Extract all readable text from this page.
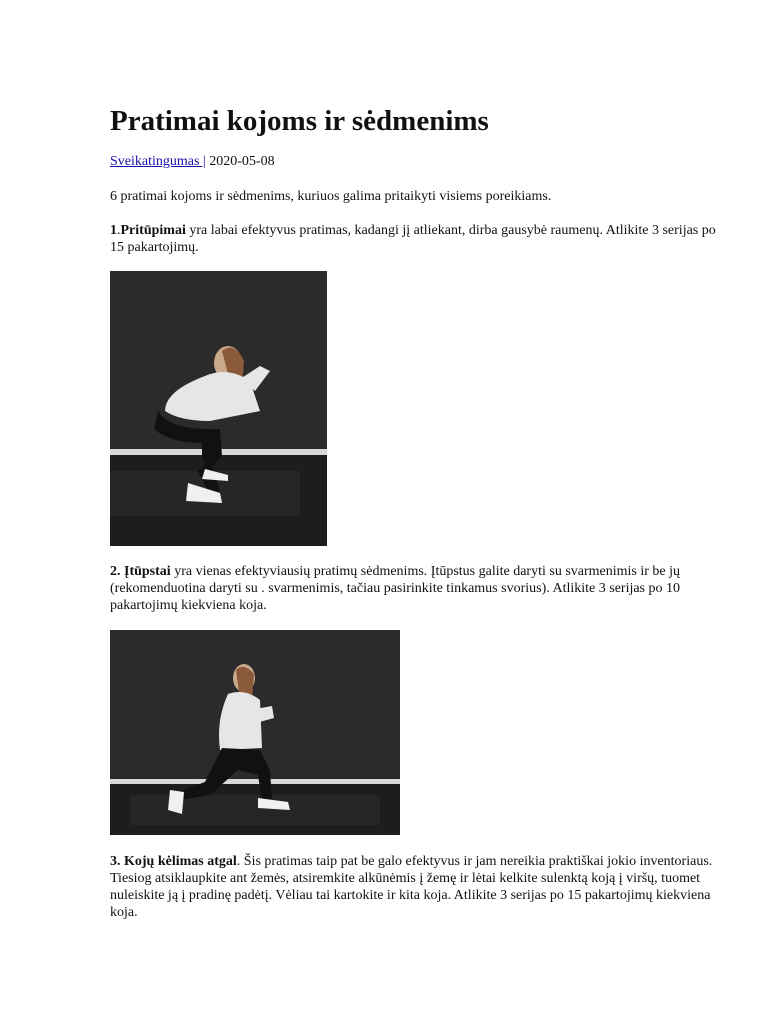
Pratimai kojoms ir sėdmenims
Sveikatingumas | 2020-05-08

6 pratimai kojoms ir sėdmenims, kuriuos galima pritaikyti visiems poreikiams.

1.Pritūpimai yra labai efektyvus pratimas, kadangi jį atliekant, dirba gausybė raumenų. Atlikite 3 serijas po 15 pakartojimų.

2. Įtūpstai yra vienas efektyviausių pratimų sėdmenims. Įtūpstus galite daryti su svarmenimis ir be jų (rekomenduotina daryti su . svarmenimis, tačiau pasirinkite tinkamus svorius). Atlikite 3 serijas po 10 pakartojimų kiekviena koja.

3. Kojų kėlimas atgal. Šis pratimas taip pat be galo efektyvus ir jam nereikia praktiškai jokio inventoriaus. Tiesiog atsiklaupkite ant žemės, atsiremkite alkūnėmis į žemę ir lėtai kelkite sulenktą koją į viršų, tuomet nuleiskite ją į pradinę padėtį. Vėliau tai kartokite ir kita koja. Atlikite 3 serijas po 15 pakartojimų kiekviena koja.
